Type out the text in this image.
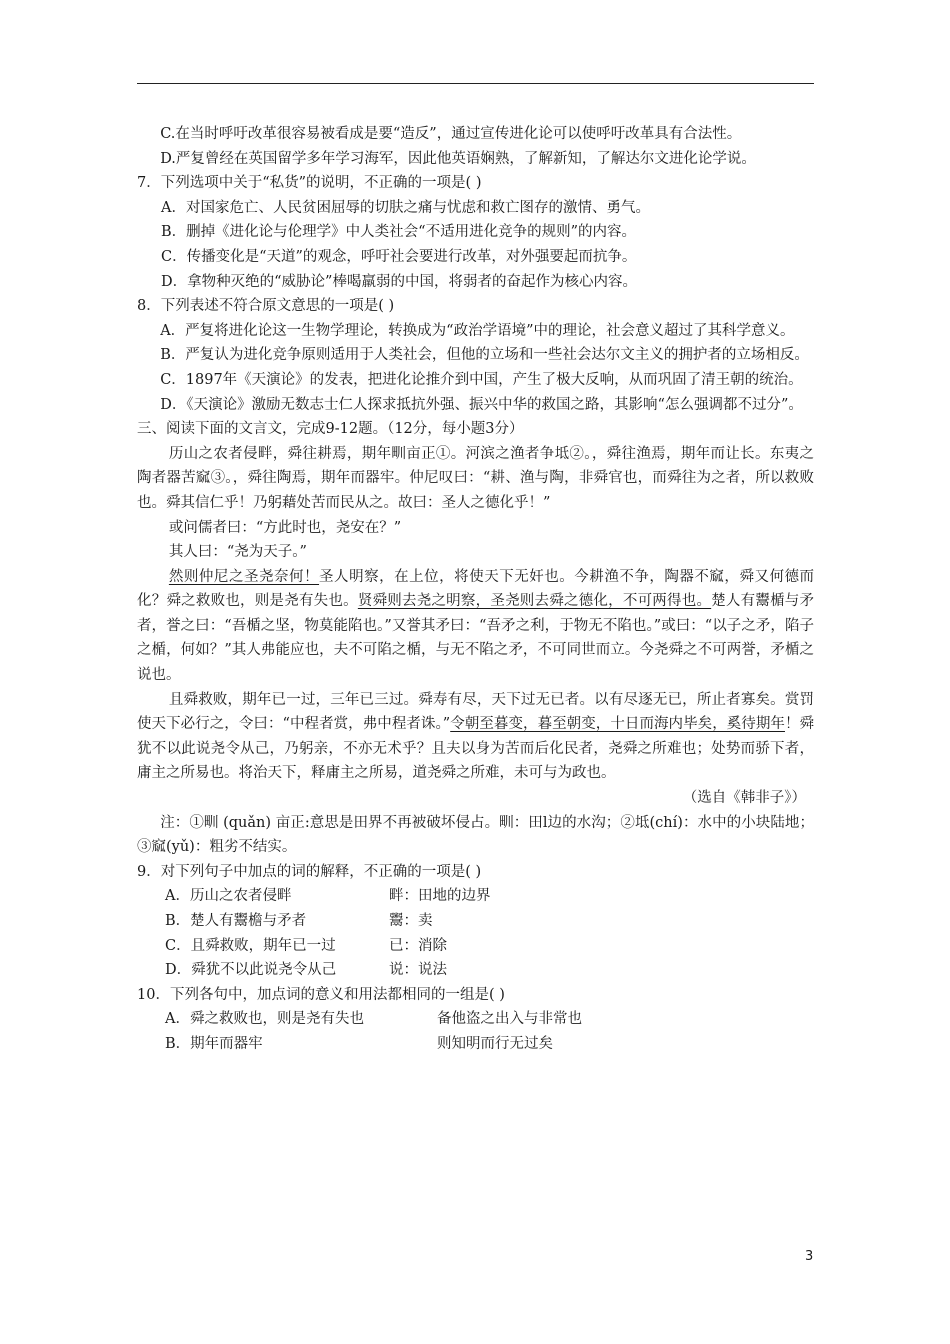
C.在当时呼吁改革很容易被看成是要“造反”，通过宣传进化论可以使呼吁改革具有合法性。

D.严复曾经在英国留学多年学习海军，因此他英语娴熟，了解新知，了解达尔文进化论学说。

7．下列选项中关于“私货”的说明，不正确的一项是( )

A．对国家危亡、人民贫困屈辱的切肤之痛与忧虑和救亡图存的激情、勇气。

B．删掉《进化论与伦理学》中人类社会“不适用进化竞争的规则”的内容。

C．传播变化是“天道”的观念，呼吁社会要进行改革，对外强要起而抗争。

D．拿物种灭绝的“威胁论”棒喝羸弱的中国，将弱者的奋起作为核心内容。

8．下列表述不符合原文意思的一项是( )

A．严复将进化论这一生物学理论，转换成为“政治学语境”中的理论，社会意义超过了其科学意义。

B．严复认为进化竞争原则适用于人类社会，但他的立场和一些社会达尔文主义的拥护者的立场相反。

C．1897年《天演论》的发表，把进化论推介到中国，产生了极大反响，从而巩固了清王朝的统治。

D．《天演论》激励无数志士仁人探求抵抗外强、振兴中华的救国之路，其影响“怎么强调都不过分”。

三、阅读下面的文言文，完成9-12题。（12分，每小题3分）

历山之农者侵畔，舜往耕焉，期年甽亩正①。河滨之渔者争坻②。，舜往渔焉，期年而让长。东夷之陶者器苦窳③。，舜往陶焉，期年而器牢。仲尼叹曰：“耕、渔与陶，非舜官也，而舜往为之者，所以救败也。舜其信仁乎！乃躬藉处苦而民从之。故曰：圣人之德化乎！”

或问儒者曰：“方此时也，尧安在？”

其人曰：“尧为天子。”

然则仲尼之圣尧奈何！圣人明察，在上位，将使天下无奸也。今耕渔不争，陶器不窳，舜又何德而化？舜之救败也，则是尧有失也。贤舜则去尧之明察，圣尧则去舜之德化，不可两得也。楚人有鬻楯与矛者，誉之曰：“吾楯之坚，物莫能陷也。”又誉其矛曰：“吾矛之利，于物无不陷也。”或曰：“以子之矛，陷子之楯，何如？”其人弗能应也，夫不可陷之楯，与无不陷之矛，不可同世而立。今尧舜之不可两誉，矛楯之说也。

且舜救败，期年已一过，三年已三过。舜寿有尽，天下过无已者。以有尽逐无已，所止者寡矣。赏罚使天下必行之，令曰：“中程者赏，弗中程者诛。”令朝至暮变，暮至朝变，十日而海内毕矣，奚待期年！舜犹不以此说尧令从己，乃躬亲，不亦无术乎？且夫以身为苦而后化民者，尧舜之所难也；处势而骄下者，庸主之所易也。将治天下，释庸主之所易，道尧舜之所难，未可与为政也。

（选自《韩非子》）

注：①甽 (quǎn) 亩正:意思是田界不再被破坏侵占。甽：田l边的水沟；②坻(chí)：水中的小块陆地；③窳(yǔ)：粗劣不结实。

9．对下列句子中加点的词的解释，不正确的一项是( )

A．历山之农者侵畔	畔：田地的边界
B．楚人有鬻檐与矛者	鬻：卖
C．且舜救败，期年已一过	已：消除
D．舜犹不以此说尧令从己	说：说法

10．下列各句中，加点词的意义和用法都相同的一组是( )

A．舜之救败也，则是尧有失也	备他盗之出入与非常也
B．期年而器牢	则知明而行无过矣
3
